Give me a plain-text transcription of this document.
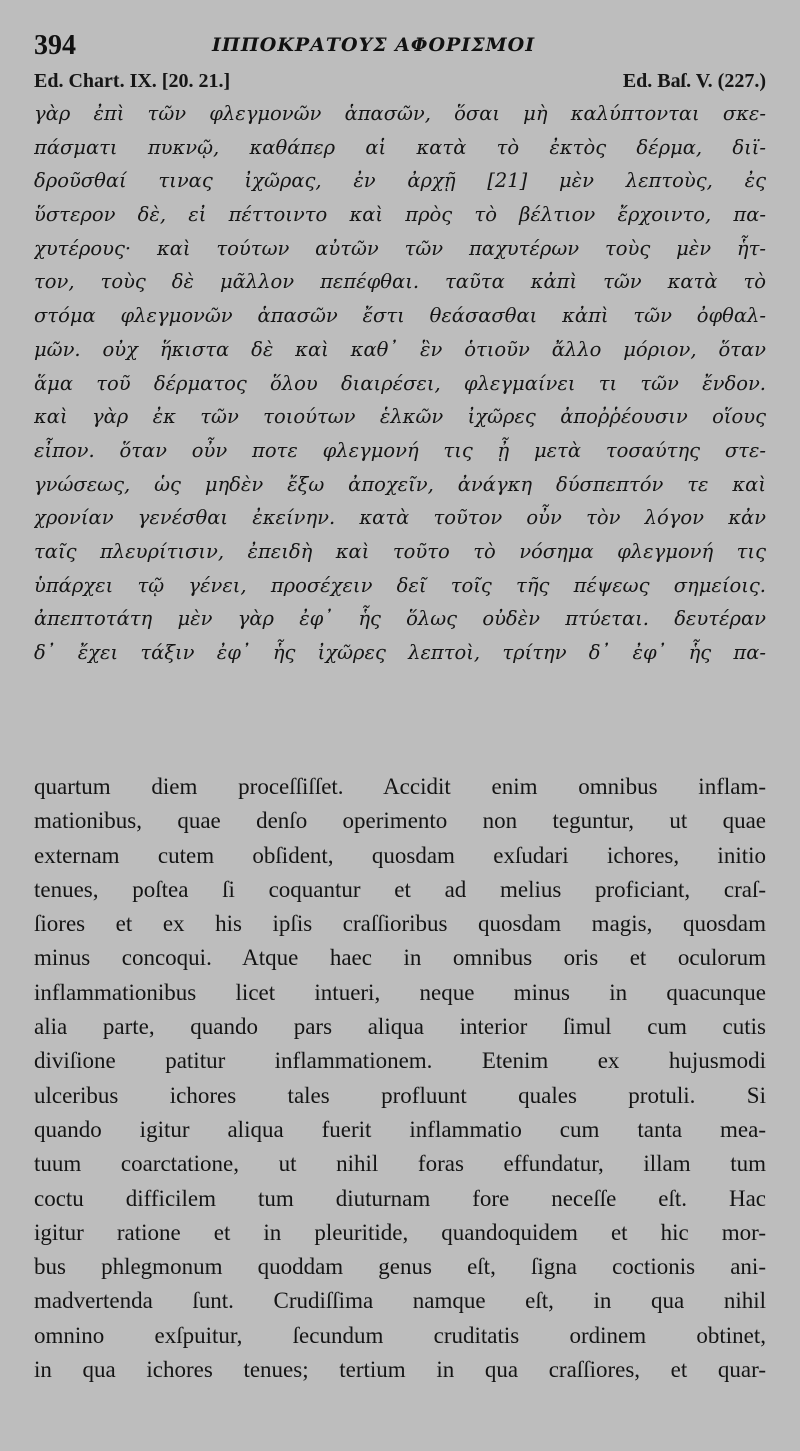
394	ΙΠΠΟΚΡΑΤΟΥΣ ΑΦΟΡΙΣΜΟΙ
Ed. Chart. IX. [20. 21.]	Ed. Baſ. V. (227.)
γὰρ ἐπὶ τῶν φλεγμονῶν ἁπασῶν, ὅσαι μὴ καλύπτονται σκε-
πάσματι πυκνῷ, καθάπερ αἱ κατὰ τὸ ἐκτὸς δέρμα, διϊ-
δροῦσθαί τινας ἰχῶρας, ἐν ἀρχῇ [21] μὲν λεπτοὺς, ἐς
ὕστερον δὲ, εἰ πέττοιντο καὶ πρὸς τὸ βέλτιον ἔρχοιντο, πα-
χυτέρους· καὶ τούτων αὐτῶν τῶν παχυτέρων τοὺς μὲν ἧτ-
τον, τοὺς δὲ μᾶλλον πεπέφθαι. ταῦτα κἀπὶ τῶν κατὰ τὸ
στόμα φλεγμονῶν ἁπασῶν ἔστι θεάσασθαι κἀπὶ τῶν ὀφθαλ-
μῶν. οὐχ ἥκιστα δὲ καὶ καθ᾿ ἓν ὁτιοῦν ἄλλο μόριον, ὅταν
ἅμα τοῦ δέρματος ὅλου διαιρέσει, φλεγμαίνει τι τῶν ἔνδον.
καὶ γὰρ ἐκ τῶν τοιούτων ἑλκῶν ἰχῶρες ἀποῤῥέουσιν οἵους
εἶπον. ὅταν οὖν ποτε φλεγμονή τις ᾖ μετὰ τοσαύτης στε-
γνώσεως, ὡς μηδὲν ἔξω ἀποχεῖν, ἀνάγκη δύσπεπτόν τε καὶ
χρονίαν γενέσθαι ἐκείνην. κατὰ τοῦτον οὖν τὸν λόγον κἀν
ταῖς πλευρίτισιν, ἐπειδὴ καὶ τοῦτο τὸ νόσημα φλεγμονή τις
ὑπάρχει τῷ γένει, προσέχειν δεῖ τοῖς τῆς πέψεως σημείοις.
ἀπεπτοτάτη μὲν γὰρ ἐφ᾿ ἧς ὅλως οὐδὲν πτύεται. δευτέραν
δ᾿ ἔχει τάξιν ἐφ᾿ ἧς ἰχῶρες λεπτοὶ, τρίτην δ᾿ ἐφ᾿ ἧς πα-
quartum diem proceſſiſſet. Accidit enim omnibus inflam-
mationibus, quae denſo operimento non teguntur, ut quae
externam cutem obſident, quosdam exſudari ichores, initio
tenues, poſtea ſi coquantur et ad melius proficiant, craſ-
ſiores et ex his ipſis craſſioribus quosdam magis, quosdam
minus concoqui. Atque haec in omnibus oris et oculorum
inflammationibus licet intueri, neque minus in quacunque
alia parte, quando pars aliqua interior ſimul cum cutis
diviſione patitur inflammationem. Etenim ex hujusmodi
ulceribus ichores tales profluunt quales protuli. Si
quando igitur aliqua fuerit inflammatio cum tanta mea-
tuum coarctatione, ut nihil foras effundatur, illam tum
coctu difficilem tum diuturnam fore neceſſe eſt. Hac
igitur ratione et in pleuritide, quandoquidem et hic mor-
bus phlegmonum quoddam genus eſt, ſigna coctionis ani-
madvertenda ſunt. Crudiſſima namque eſt, in qua nihil
omnino exſpuitur, ſecundum cruditatis ordinem obtinet,
in qua ichores tenues; tertium in qua craſſiores, et quar-
